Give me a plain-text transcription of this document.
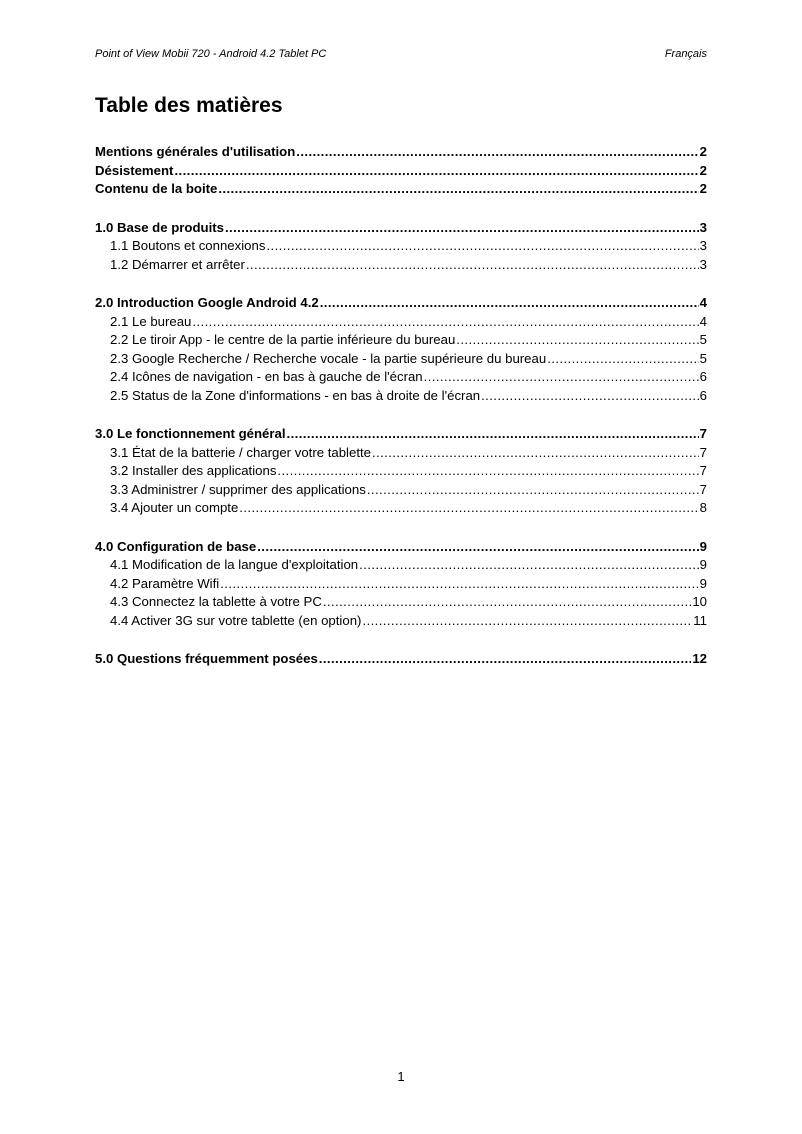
Point of View Mobii 720 - Android 4.2 Tablet PC	Français
Table des matières
Mentions générales d'utilisation .....	2
Désistement .....	2
Contenu de la boite .....	2
1.0 Base de produits .....	3
1.1 Boutons et connexions .....	3
1.2 Démarrer et arrêter .....	3
2.0 Introduction Google Android 4.2 .....	4
2.1 Le bureau .....	4
2.2 Le tiroir App - le centre de la partie inférieure du bureau .....	5
2.3 Google Recherche / Recherche vocale - la partie supérieure du bureau .....	5
2.4 Icônes de navigation - en bas à gauche de l'écran .....	6
2.5 Status de la Zone d'informations - en bas à droite de l'écran .....	6
3.0 Le fonctionnement général .....	7
3.1 État de la batterie / charger votre tablette .....	7
3.2 Installer des applications .....	7
3.3 Administrer / supprimer des applications .....	7
3.4 Ajouter un compte .....	8
4.0 Configuration de base .....	9
4.1 Modification de la langue d'exploitation .....	9
4.2 Paramètre Wifi .....	9
4.3 Connectez la tablette à votre PC .....	10
4.4 Activer 3G sur votre tablette (en option) .....	11
5.0 Questions fréquemment posées .....	12
1
